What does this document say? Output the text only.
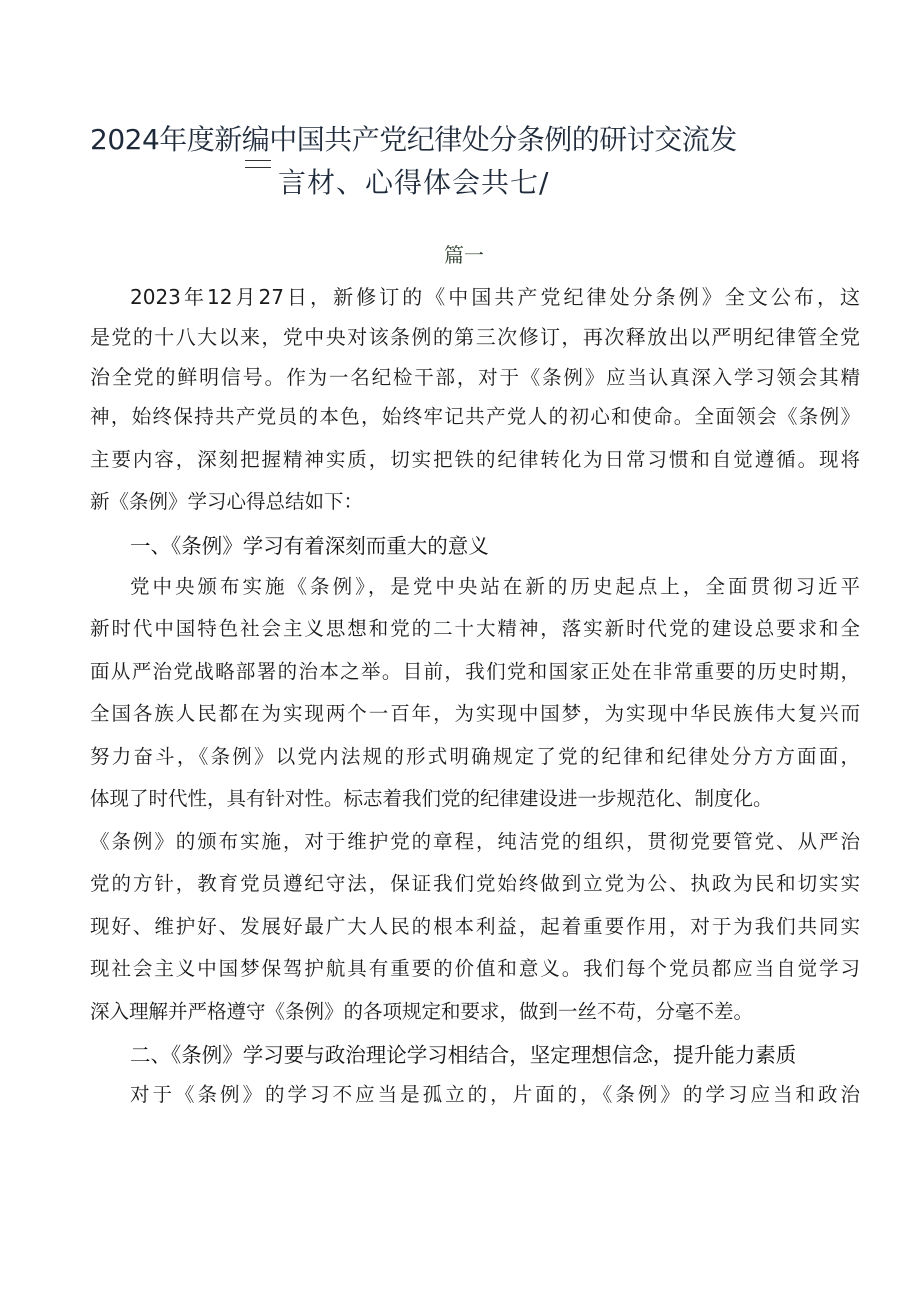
2024年度新编中国共产党纪律处分条例的研讨交流发
言材、心得体会共七/
篇一
2023年12月27日，新修订的《中国共产党纪律处分条例》全文公布，这
是党的十八大以来，党中央对该条例的第三次修订，再次释放出以严明纪律管全党
治全党的鲜明信号。作为一名纪检干部，对于《条例》应当认真深入学习领会其精
神，始终保持共产党员的本色，始终牢记共产党人的初心和使命。全面领会《条例》
主要内容，深刻把握精神实质，切实把铁的纪律转化为日常习惯和自觉遵循。现将
新《条例》学习心得总结如下：
一、《条例》学习有着深刻而重大的意义
党中央颁布实施《条例》，是党中央站在新的历史起点上，全面贯彻习近平
新时代中国特色社会主义思想和党的二十大精神，落实新时代党的建设总要求和全
面从严治党战略部署的治本之举。目前，我们党和国家正处在非常重要的历史时期，
全国各族人民都在为实现两个一百年，为实现中国梦，为实现中华民族伟大复兴而
努力奋斗，《条例》以党内法规的形式明确规定了党的纪律和纪律处分方方面面，
体现了时代性，具有针对性。标志着我们党的纪律建设进一步规范化、制度化。
《条例》的颁布实施，对于维护党的章程，纯洁党的组织，贯彻党要管党、从严治
党的方针，教育党员遵纪守法，保证我们党始终做到立党为公、执政为民和切实实
现好、维护好、发展好最广大人民的根本利益，起着重要作用，对于为我们共同实
现社会主义中国梦保驾护航具有重要的价值和意义。我们每个党员都应当自觉学习
深入理解并严格遵守《条例》的各项规定和要求，做到一丝不苟，分毫不差。
二、《条例》学习要与政治理论学习相结合，坚定理想信念，提升能力素质
对于《条例》的学习不应当是孤立的，片面的，《条例》的学习应当和政治
